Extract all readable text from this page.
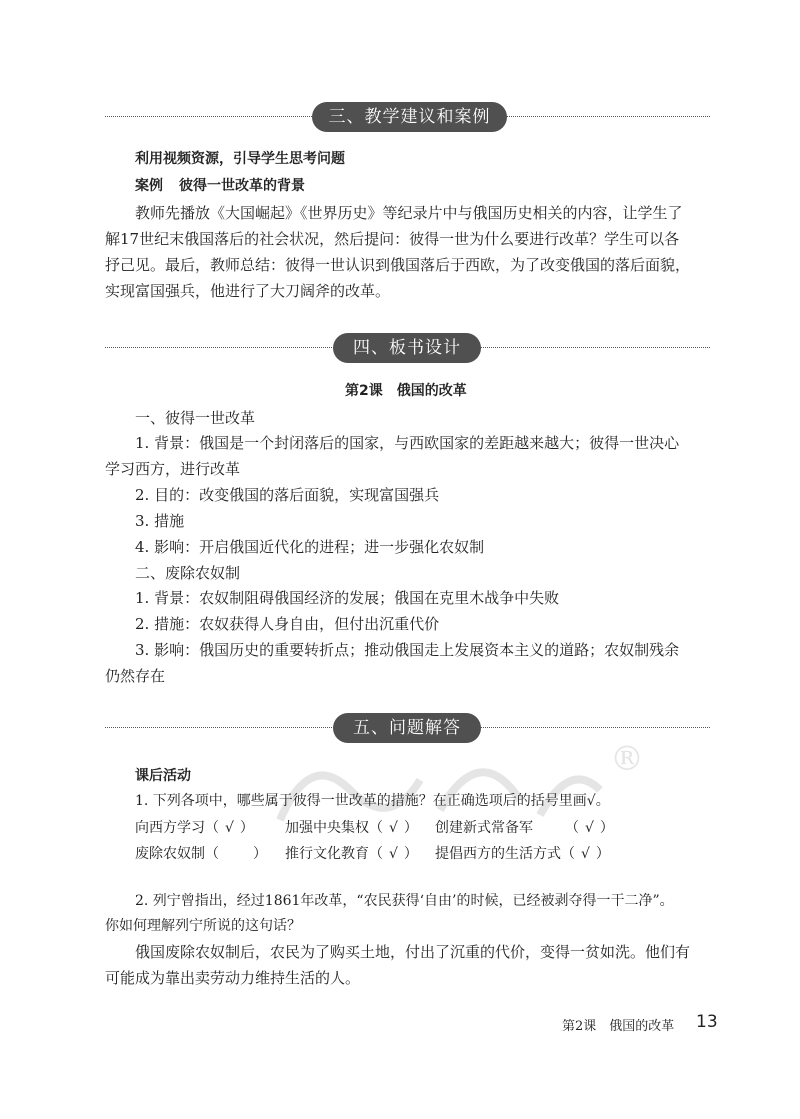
®
三、教学建议和案例
利用视频资源，引导学生思考问题
案例 彼得一世改革的背景
教师先播放《大国崛起》《世界历史》等纪录片中与俄国历史相关的内容，让学生了
解17世纪末俄国落后的社会状况，然后提问：彼得一世为什么要进行改革？学生可以各
抒己见。最后，教师总结：彼得一世认识到俄国落后于西欧，为了改变俄国的落后面貌，
实现富国强兵，他进行了大刀阔斧的改革。
四、板书设计
第2课　俄国的改革
一、彼得一世改革
1. 背景：俄国是一个封闭落后的国家，与西欧国家的差距越来越大；彼得一世决心
学习西方，进行改革
2. 目的：改变俄国的落后面貌，实现富国强兵
3. 措施
4. 影响：开启俄国近代化的进程；进一步强化农奴制
二、废除农奴制
1. 背景：农奴制阻碍俄国经济的发展；俄国在克里木战争中失败
2. 措施：农奴获得人身自由，但付出沉重代价
3. 影响：俄国历史的重要转折点；推动俄国走上发展资本主义的道路；农奴制残余
仍然存在
五、问题解答
课后活动
1. 下列各项中，哪些属于彼得一世改革的措施？在正确选项后的括号里画√。
向西方学习（ √ ） 加强中央集权（ √ ） 创建新式常备军 （ √ ）
废除农奴制（ ） 推行文化教育（ √ ） 提倡西方的生活方式（ √ ）
2. 列宁曾指出，经过1861年改革，“农民获得‘自由’的时候，已经被剥夺得一干二净”。
你如何理解列宁所说的这句话？
俄国废除农奴制后，农民为了购买土地，付出了沉重的代价，变得一贫如洗。他们有
可能成为靠出卖劳动力维持生活的人。
第2课　俄国的改革 13
